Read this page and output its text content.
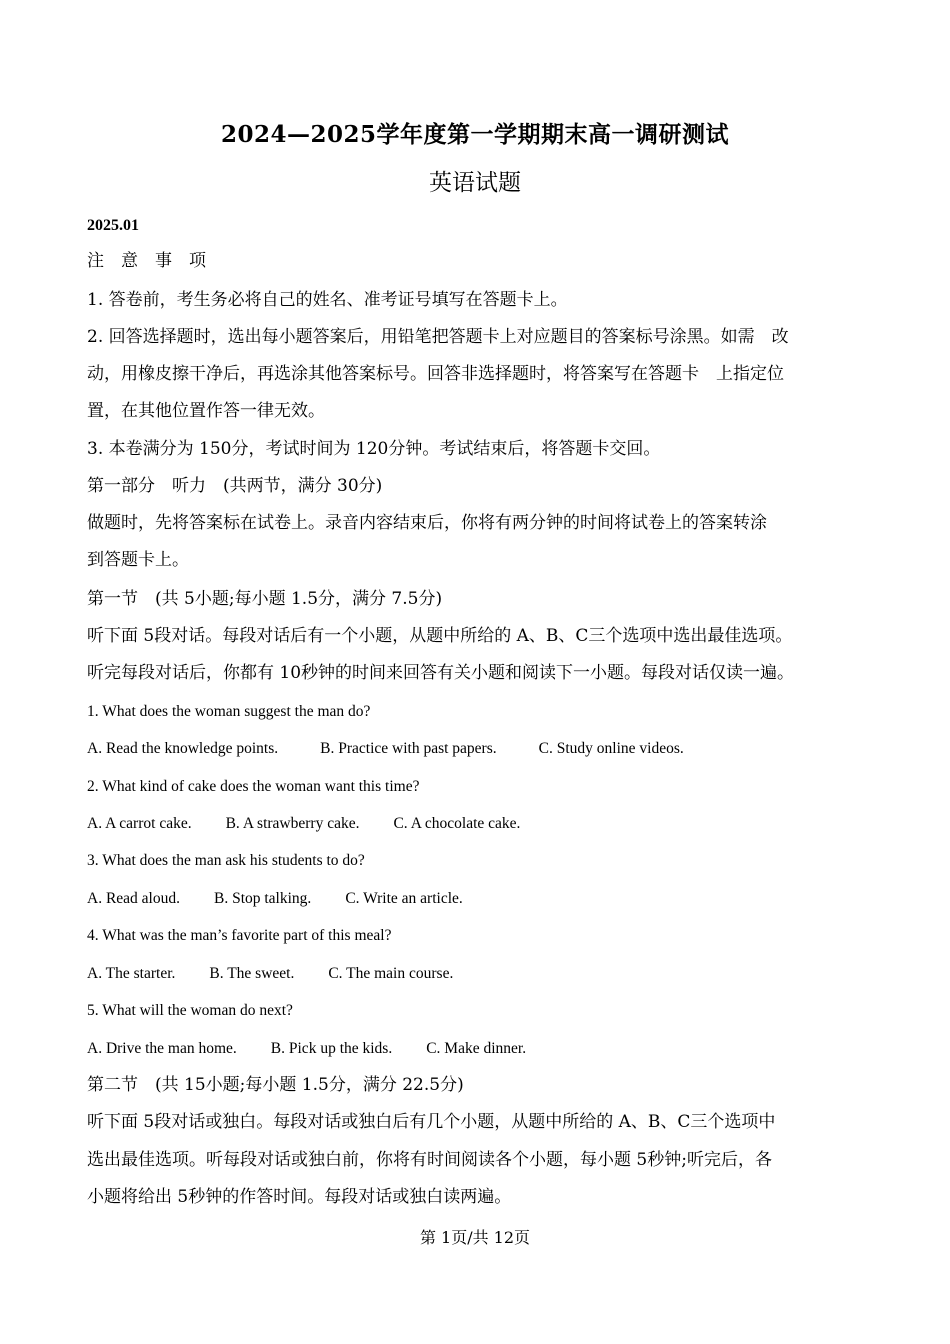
2024—2025学年度第一学期期末高一调研测试
英语试题
2025.01
注　意　事　项
1. 答卷前，考生务必将自己的姓名、准考证号填写在答题卡上。
2. 回答选择题时，选出每小题答案后，用铅笔把答题卡上对应题目的答案标号涂黑。如需　改
动，用橡皮擦干净后，再选涂其他答案标号。回答非选择题时，将答案写在答题卡　上指定位
置，在其他位置作答一律无效。
3. 本卷满分为 150分，考试时间为 120分钟。考试结束后，将答题卡交回。
第一部分　听力　(共两节，满分 30分)
做题时，先将答案标在试卷上。录音内容结束后，你将有两分钟的时间将试卷上的答案转涂
到答题卡上。
第一节　(共 5小题;每小题 1.5分，满分 7.5分)
听下面 5段对话。每段对话后有一个小题，从题中所给的 A、B、C三个选项中选出最佳选项。
听完每段对话后，你都有 10秒钟的时间来回答有关小题和阅读下一小题。每段对话仅读一遍。
1. What does the woman suggest the man do?
A. Read the knowledge points.	B. Practice with past papers.	C. Study online videos.
2. What kind of cake does the woman want this time?
A. A carrot cake. B. A strawberry cake. C. A chocolate cake.
3. What does the man ask his students to do?
A. Read aloud. B. Stop talking. C. Write an article.
4. What was the man’s favorite part of this meal?
A. The starter. B. The sweet. C. The main course.
5. What will the woman do next?
A. Drive the man home. B. Pick up the kids. C. Make dinner.
第二节　(共 15小题;每小题 1.5分，满分 22.5分)
听下面 5段对话或独白。每段对话或独白后有几个小题，从题中所给的 A、B、C三个选项中
选出最佳选项。听每段对话或独白前，你将有时间阅读各个小题，每小题 5秒钟;听完后，各
小题将给出 5秒钟的作答时间。每段对话或独白读两遍。
第 1页/共 12页
